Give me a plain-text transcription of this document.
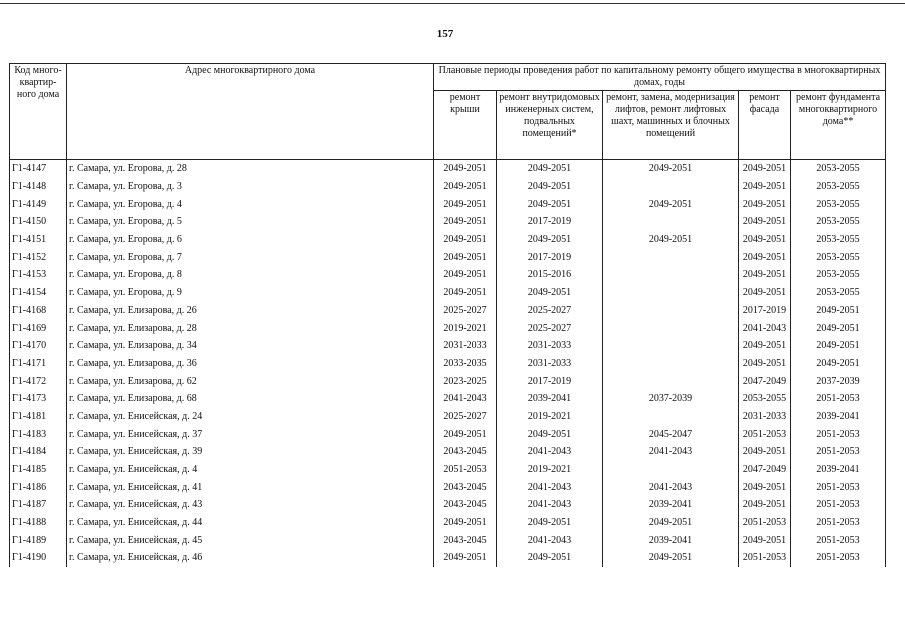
157
Код много-квартир-ного дома	Адрес многоквартирного дома	Плановые периоды проведения работ по капитальному ремонту общего имущества в многоквартирных домах, годы				
		ремонт крыши	ремонт внутридомовых инженерных систем, подвальных помещений*	ремонт, замена, модернизация лифтов, ремонт лифтовых шахт, машинных и блочных помещений	ремонт фасада	ремонт фундамента многоквартирного дома**
Г1-4147	г. Самара, ул. Егорова, д. 28	2049-2051	2049-2051	2049-2051	2049-2051	2053-2055
Г1-4148	г. Самара, ул. Егорова, д. 3	2049-2051	2049-2051		2049-2051	2053-2055
Г1-4149	г. Самара, ул. Егорова, д. 4	2049-2051	2049-2051	2049-2051	2049-2051	2053-2055
Г1-4150	г. Самара, ул. Егорова, д. 5	2049-2051	2017-2019		2049-2051	2053-2055
Г1-4151	г. Самара, ул. Егорова, д. 6	2049-2051	2049-2051	2049-2051	2049-2051	2053-2055
Г1-4152	г. Самара, ул. Егорова, д. 7	2049-2051	2017-2019		2049-2051	2053-2055
Г1-4153	г. Самара, ул. Егорова, д. 8	2049-2051	2015-2016		2049-2051	2053-2055
Г1-4154	г. Самара, ул. Егорова, д. 9	2049-2051	2049-2051		2049-2051	2053-2055
Г1-4168	г. Самара, ул. Елизарова, д. 26	2025-2027	2025-2027		2017-2019	2049-2051
Г1-4169	г. Самара, ул. Елизарова, д. 28	2019-2021	2025-2027		2041-2043	2049-2051
Г1-4170	г. Самара, ул. Елизарова, д. 34	2031-2033	2031-2033		2049-2051	2049-2051
Г1-4171	г. Самара, ул. Елизарова, д. 36	2033-2035	2031-2033		2049-2051	2049-2051
Г1-4172	г. Самара, ул. Елизарова, д. 62	2023-2025	2017-2019		2047-2049	2037-2039
Г1-4173	г. Самара, ул. Елизарова, д. 68	2041-2043	2039-2041	2037-2039	2053-2055	2051-2053
Г1-4181	г. Самара, ул. Енисейская, д. 24	2025-2027	2019-2021		2031-2033	2039-2041
Г1-4183	г. Самара, ул. Енисейская, д. 37	2049-2051	2049-2051	2045-2047	2051-2053	2051-2053
Г1-4184	г. Самара, ул. Енисейская, д. 39	2043-2045	2041-2043	2041-2043	2049-2051	2051-2053
Г1-4185	г. Самара, ул. Енисейская, д. 4	2051-2053	2019-2021		2047-2049	2039-2041
Г1-4186	г. Самара, ул. Енисейская, д. 41	2043-2045	2041-2043	2041-2043	2049-2051	2051-2053
Г1-4187	г. Самара, ул. Енисейская, д. 43	2043-2045	2041-2043	2039-2041	2049-2051	2051-2053
Г1-4188	г. Самара, ул. Енисейская, д. 44	2049-2051	2049-2051	2049-2051	2051-2053	2051-2053
Г1-4189	г. Самара, ул. Енисейская, д. 45	2043-2045	2041-2043	2039-2041	2049-2051	2051-2053
Г1-4190	г. Самара, ул. Енисейская, д. 46	2049-2051	2049-2051	2049-2051	2051-2053	2051-2053
